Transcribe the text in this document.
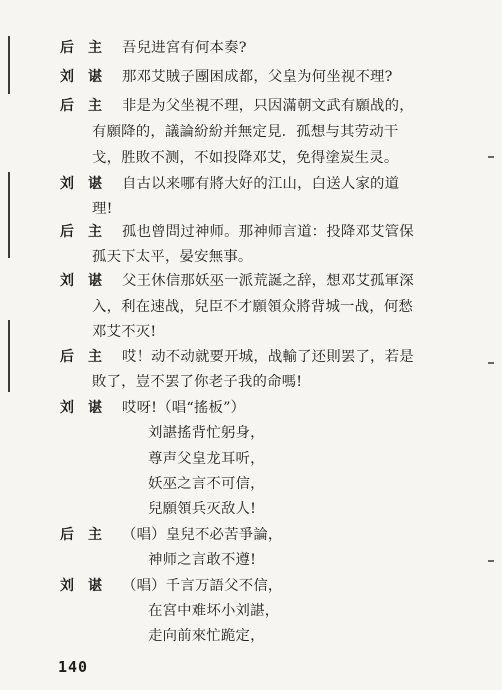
后主 吾兒进宮有何本奏?
刘谌 那邓艾賊子團困成都，父皇为何坐视不理?
后主 非是为父坐視不理，只因滿朝文武有願战的，
有願降的，議論紛紛并無定見．孤想与其劳动干
戈，胜敗不测，不如投降邓艾，免得塗炭生灵。
刘谌 自古以来哪有將大好的江山，白送人家的道
理!
后主 孤也曾問过神师。那神师言道：投降邓艾管保
孤天下太平，晏安無事。
刘谌 父王休信那妖巫一派荒誕之辞，想邓艾孤軍深
入，利在速战，兒臣不才願領众將背城一战，何愁
邓艾不灭!
后主 哎！动不动就要开城，战輸了还則罢了，若是
敗了，豈不罢了你老子我的命嗎!
刘谌 哎呀!（唱“搖板”）
刘諶搖背忙躬身，
尊声父皇龙耳听，
妖巫之言不可信，
兒願領兵灭敌人!
后主 （唱）皇兒不必苦爭論，
神师之言敢不遵!
刘谌 （唱）千言万語父不信，
在宮中难坏小刘諶，
走向前來忙跪定，
140
